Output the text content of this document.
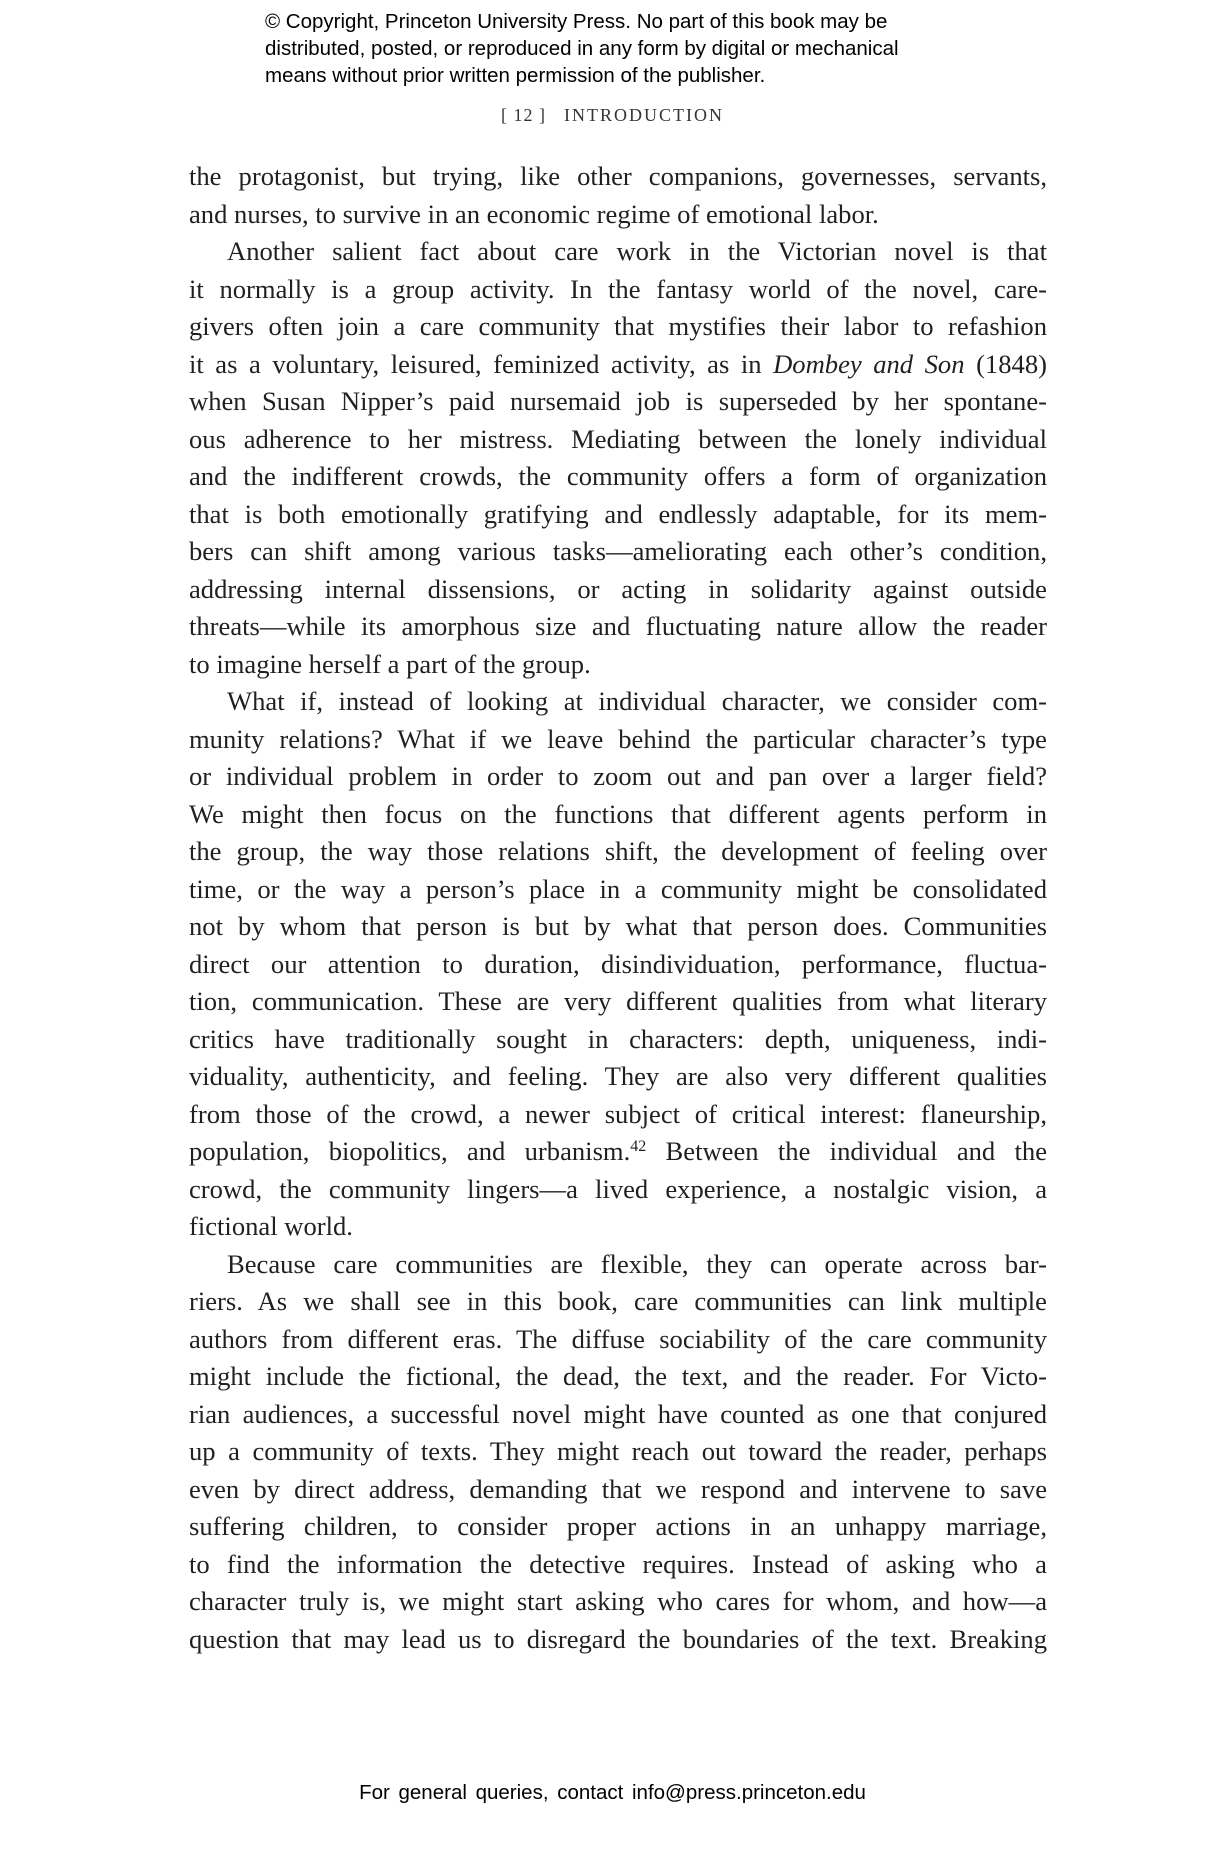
© Copyright, Princeton University Press. No part of this book may be
distributed, posted, or reproduced in any form by digital or mechanical
means without prior written permission of the publisher.
[ 12 ] INTRODUCTION
the protagonist, but trying, like other companions, governesses, servants,
and nurses, to survive in an economic regime of emotional labor.
Another salient fact about care work in the Victorian novel is that
it normally is a group activity. In the fantasy world of the novel, care-
givers often join a care community that mystifies their labor to refashion
it as a voluntary, leisured, feminized activity, as in Dombey and Son (1848)
when Susan Nipper’s paid nursemaid job is superseded by her spontane-
ous adherence to her mistress. Mediating between the lonely individual
and the indifferent crowds, the community offers a form of organization
that is both emotionally gratifying and endlessly adaptable, for its mem-
bers can shift among various tasks—ameliorating each other’s condition,
addressing internal dissensions, or acting in solidarity against outside
threats—while its amorphous size and fluctuating nature allow the reader
to imagine herself a part of the group.
What if, instead of looking at individual character, we consider com-
munity relations? What if we leave behind the particular character’s type
or individual problem in order to zoom out and pan over a larger field?
We might then focus on the functions that different agents perform in
the group, the way those relations shift, the development of feeling over
time, or the way a person’s place in a community might be consolidated
not by whom that person is but by what that person does. Communities
direct our attention to duration, disindividuation, performance, fluctua-
tion, communication. These are very different qualities from what literary
critics have traditionally sought in characters: depth, uniqueness, indi-
viduality, authenticity, and feeling. They are also very different qualities
from those of the crowd, a newer subject of critical interest: flaneurship,
population, biopolitics, and urbanism.$^{42}$ Between the individual and the
crowd, the community lingers—a lived experience, a nostalgic vision, a
fictional world.
Because care communities are flexible, they can operate across bar-
riers. As we shall see in this book, care communities can link multiple
authors from different eras. The diffuse sociability of the care community
might include the fictional, the dead, the text, and the reader. For Victo-
rian audiences, a successful novel might have counted as one that conjured
up a community of texts. They might reach out toward the reader, perhaps
even by direct address, demanding that we respond and intervene to save
suffering children, to consider proper actions in an unhappy marriage,
to find the information the detective requires. Instead of asking who a
character truly is, we might start asking who cares for whom, and how—a
question that may lead us to disregard the boundaries of the text. Breaking
For general queries, contact info@press.princeton.edu
